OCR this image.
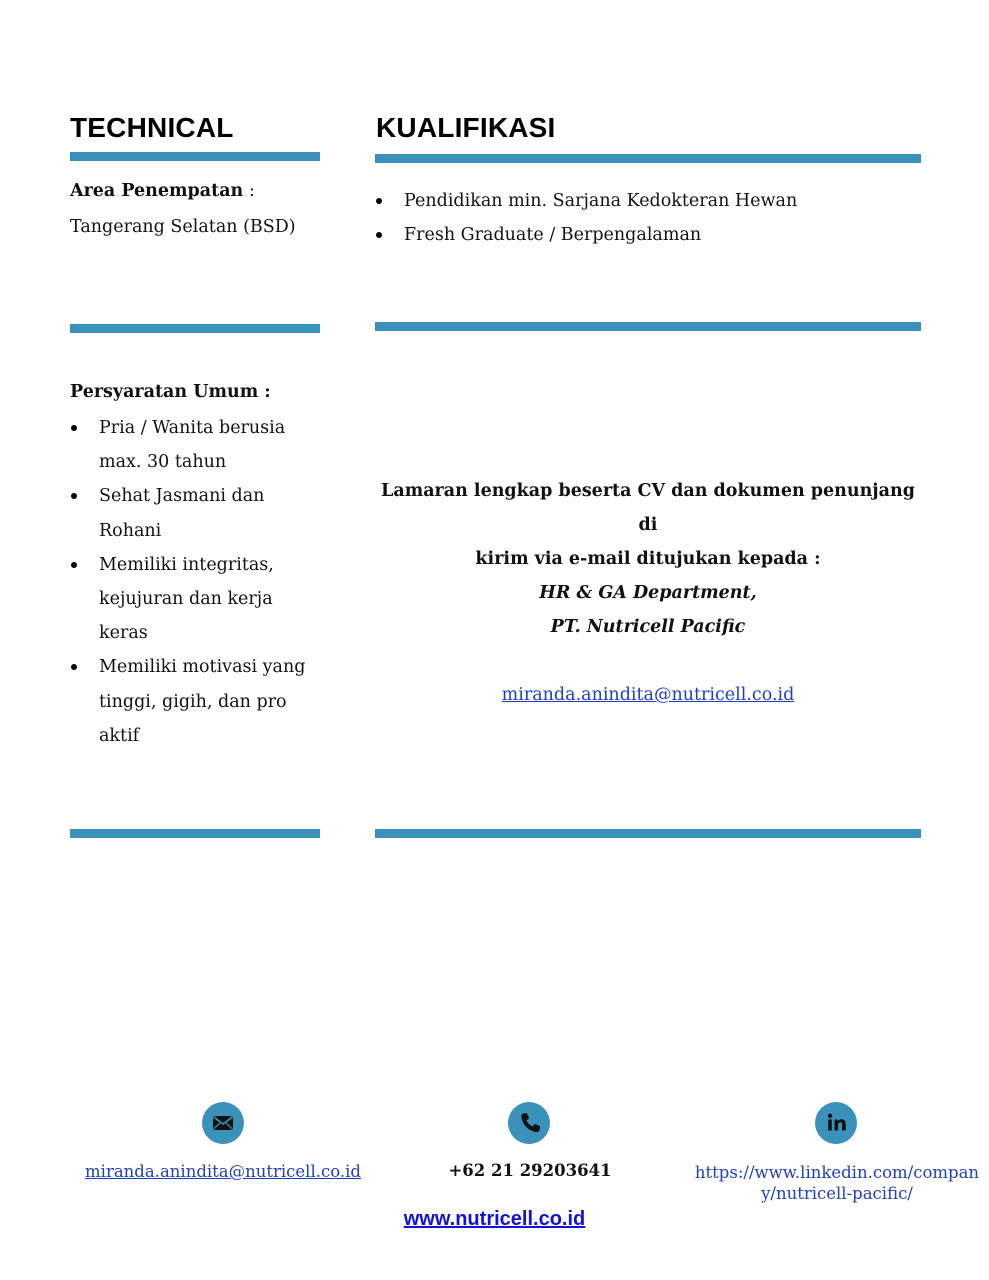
TECHNICAL
Area Penempatan :
Tangerang Selatan (BSD)
Persyaratan Umum :
Pria / Wanita berusia
max. 30 tahun
Sehat Jasmani dan
Rohani
Memiliki integritas,
kejujuran dan kerja
keras
Memiliki motivasi yang
tinggi, gigih, dan pro
aktif
KUALIFIKASI
Pendidikan min. Sarjana Kedokteran Hewan
Fresh Graduate / Berpengalaman
Lamaran lengkap beserta CV dan dokumen penunjang di
kirim via e-mail ditujukan kepada :
HR & GA Department,
PT. Nutricell Pacific
miranda.anindita@nutricell.co.id
miranda.anindita@nutricell.co.id	+62 21 29203641	https://www.linkedin.com/compan
y/nutricell-pacific/
www.nutricell.co.id
